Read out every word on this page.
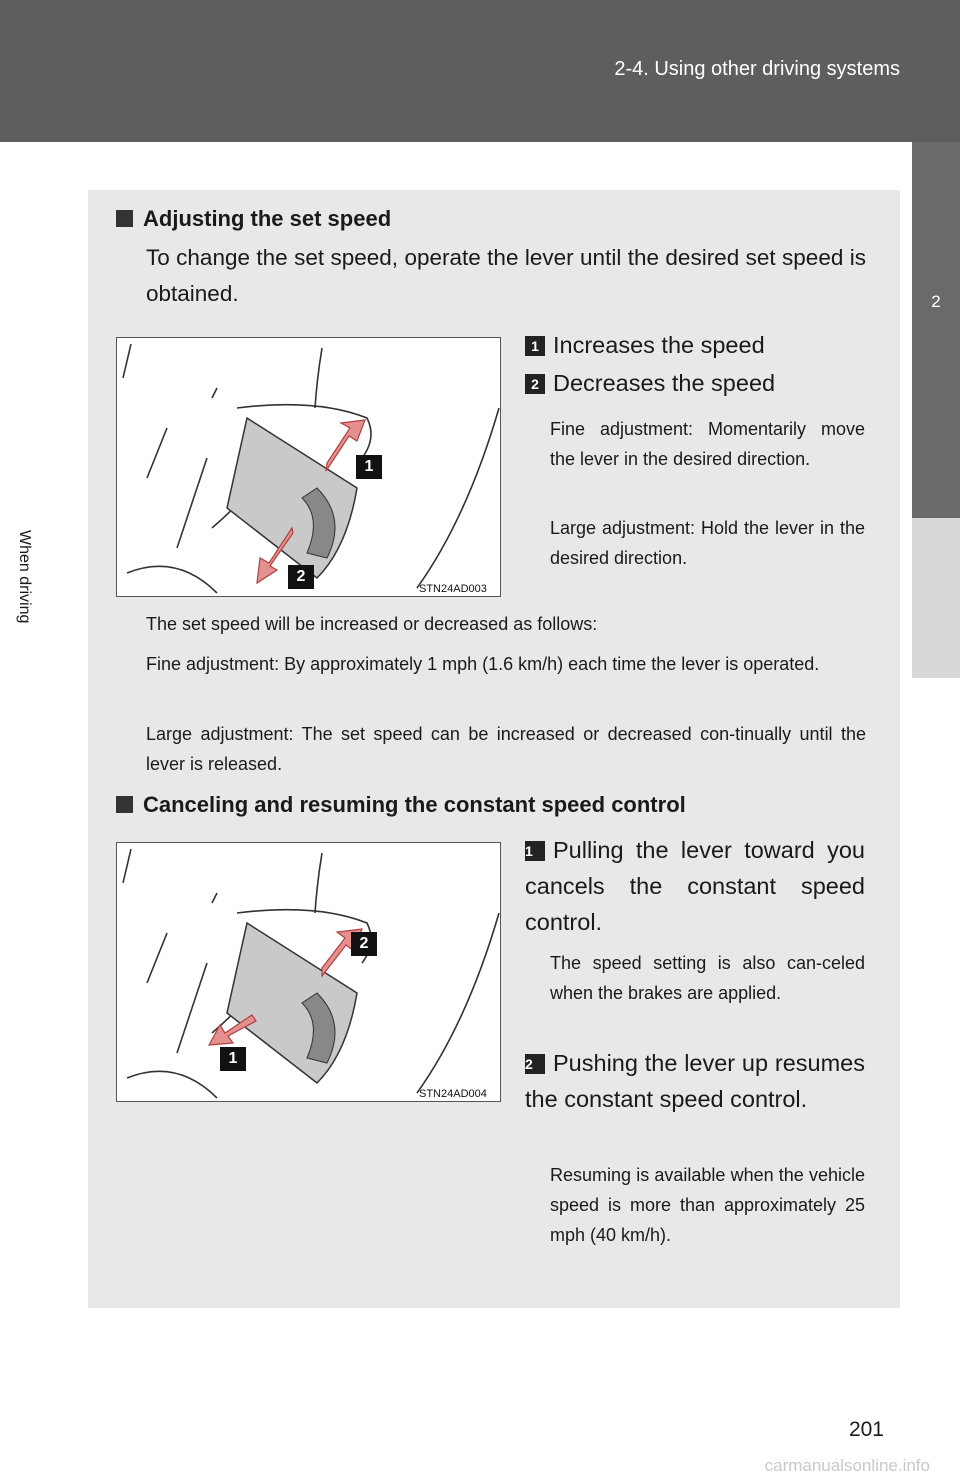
2-4. Using other driving systems
2
When driving
Adjusting the set speed
To change the set speed, operate the lever until the desired set speed is obtained.
1
2
STN24AD003
1 Increases the speed
2 Decreases the speed
Fine adjustment: Momentarily move the lever in the desired direction.
Large adjustment: Hold the lever in the desired direction.
The set speed will be increased or decreased as follows:
Fine adjustment: By approximately 1 mph (1.6 km/h) each time the lever is operated.
Large adjustment: The set speed can be increased or decreased con-tinually until the lever is released.
Canceling and resuming the constant speed control
2
1
STN24AD004
1 Pulling the lever toward you cancels the constant speed control.
The speed setting is also can-celed when the brakes are applied.
2 Pushing the lever up resumes the constant speed control.
Resuming is available when the vehicle speed is more than approximately 25 mph (40 km/h).
201
carmanualsonline.info
